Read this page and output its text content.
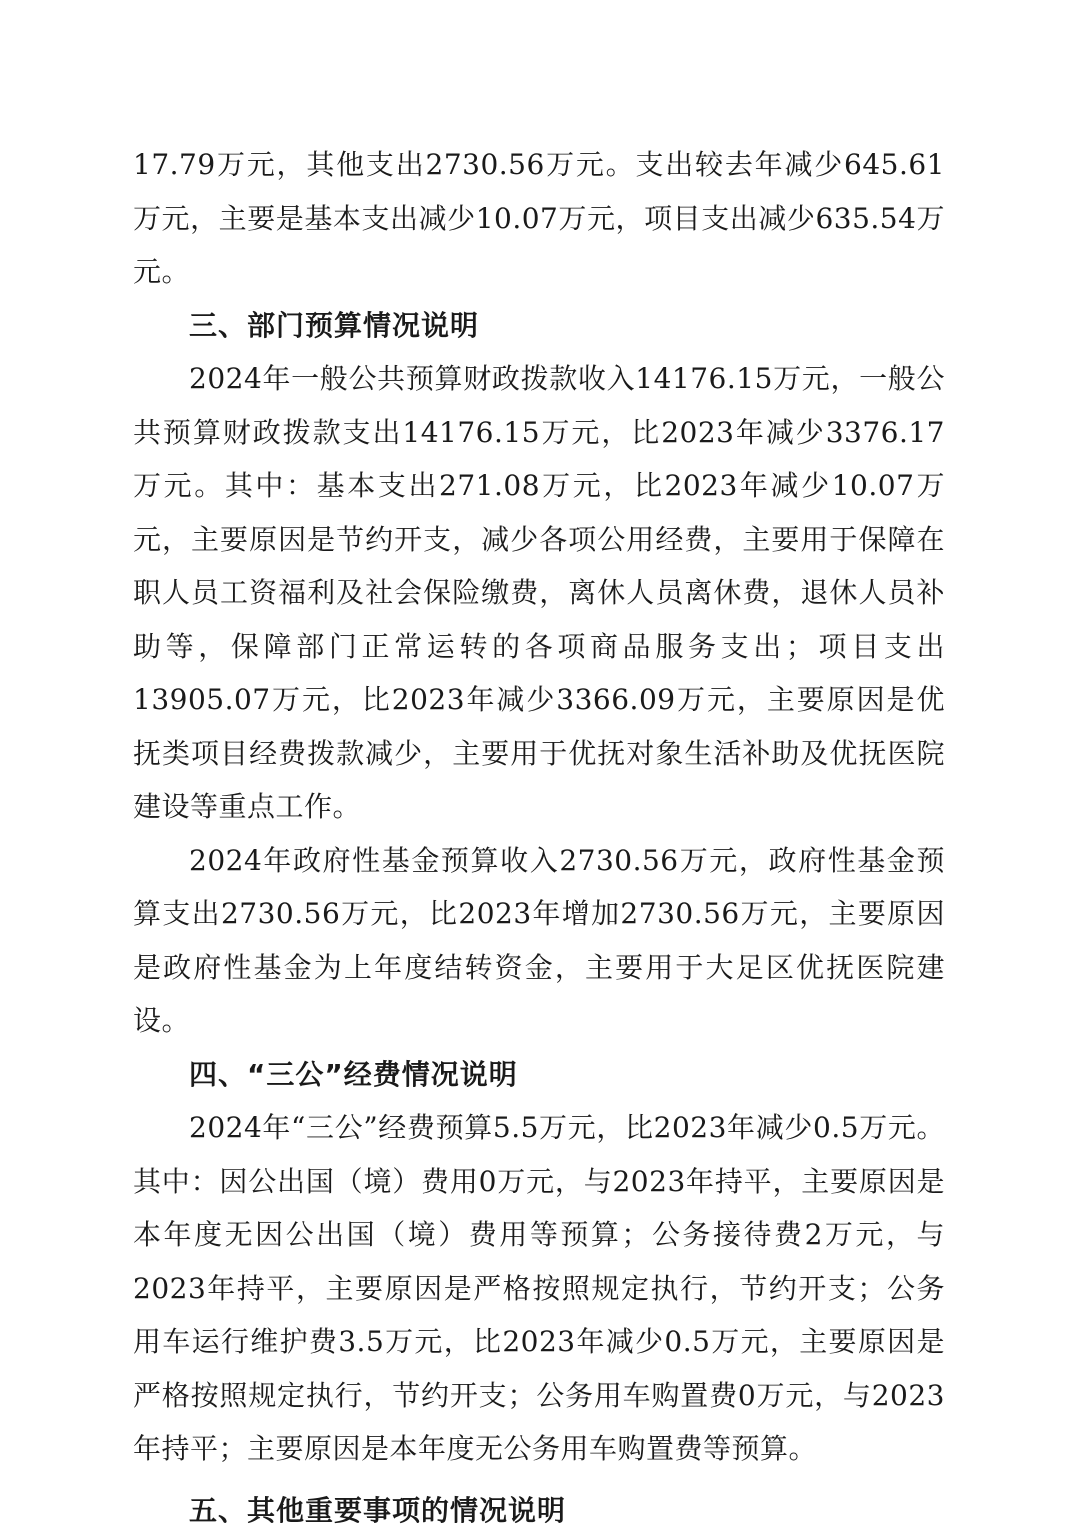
17.79万元，其他支出2730.56万元。支出较去年减少645.61万元，主要是基本支出减少10.07万元，项目支出减少635.54万元。

三、部门预算情况说明

2024年一般公共预算财政拨款收入14176.15万元，一般公共预算财政拨款支出14176.15万元，比2023年减少3376.17万元。其中：基本支出271.08万元，比2023年减少10.07万元，主要原因是节约开支，减少各项公用经费，主要用于保障在职人员工资福利及社会保险缴费，离休人员离休费，退休人员补助等，保障部门正常运转的各项商品服务支出；项目支出13905.07万元，比2023年减少3366.09万元，主要原因是优抚类项目经费拨款减少，主要用于优抚对象生活补助及优抚医院建设等重点工作。

2024年政府性基金预算收入2730.56万元，政府性基金预算支出2730.56万元，比2023年增加2730.56万元，主要原因是政府性基金为上年度结转资金，主要用于大足区优抚医院建设。

四、“三公”经费情况说明

2024年“三公”经费预算5.5万元，比2023年减少0.5万元。其中：因公出国（境）费用0万元，与2023年持平，主要原因是本年度无因公出国（境）费用等预算；公务接待费2万元，与2023年持平，主要原因是严格按照规定执行，节约开支；公务用车运行维护费3.5万元，比2023年减少0.5万元，主要原因是严格按照规定执行，节约开支；公务用车购置费0万元，与2023年持平；主要原因是本年度无公务用车购置费等预算。

五、其他重要事项的情况说明
